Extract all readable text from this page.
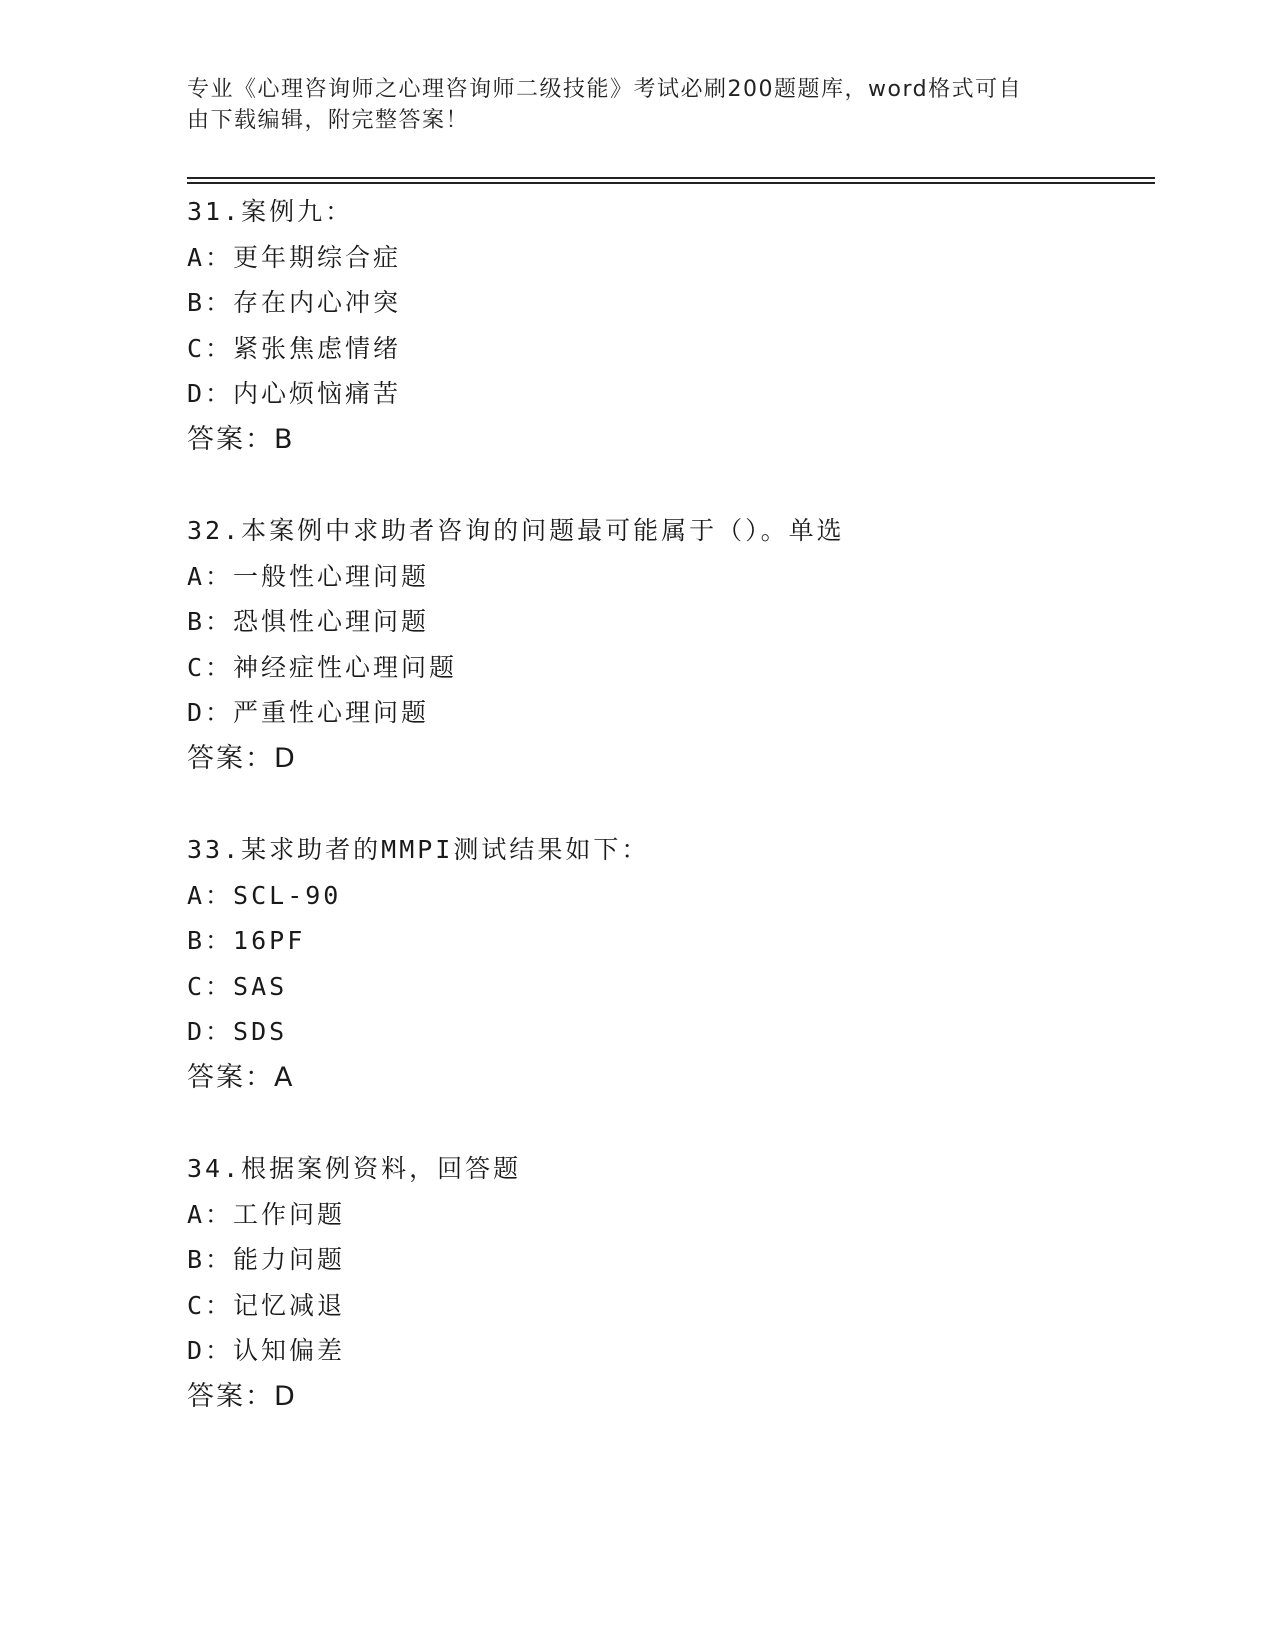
专业《心理咨询师之心理咨询师二级技能》考试必刷200题题库，word格式可自

由下载编辑，附完整答案！

31.案例九：
A：更年期综合症
B：存在内心冲突
C：紧张焦虑情绪
D：内心烦恼痛苦
答案：B
32.本案例中求助者咨询的问题最可能属于（）。单选
A：一般性心理问题
B：恐惧性心理问题
C：神经症性心理问题
D：严重性心理问题
答案：D
33.某求助者的MMPI测试结果如下：
A：SCL-90
B：16PF
C：SAS
D：SDS
答案：A
34.根据案例资料，回答题
A：工作问题
B：能力问题
C：记忆减退
D：认知偏差
答案：D
